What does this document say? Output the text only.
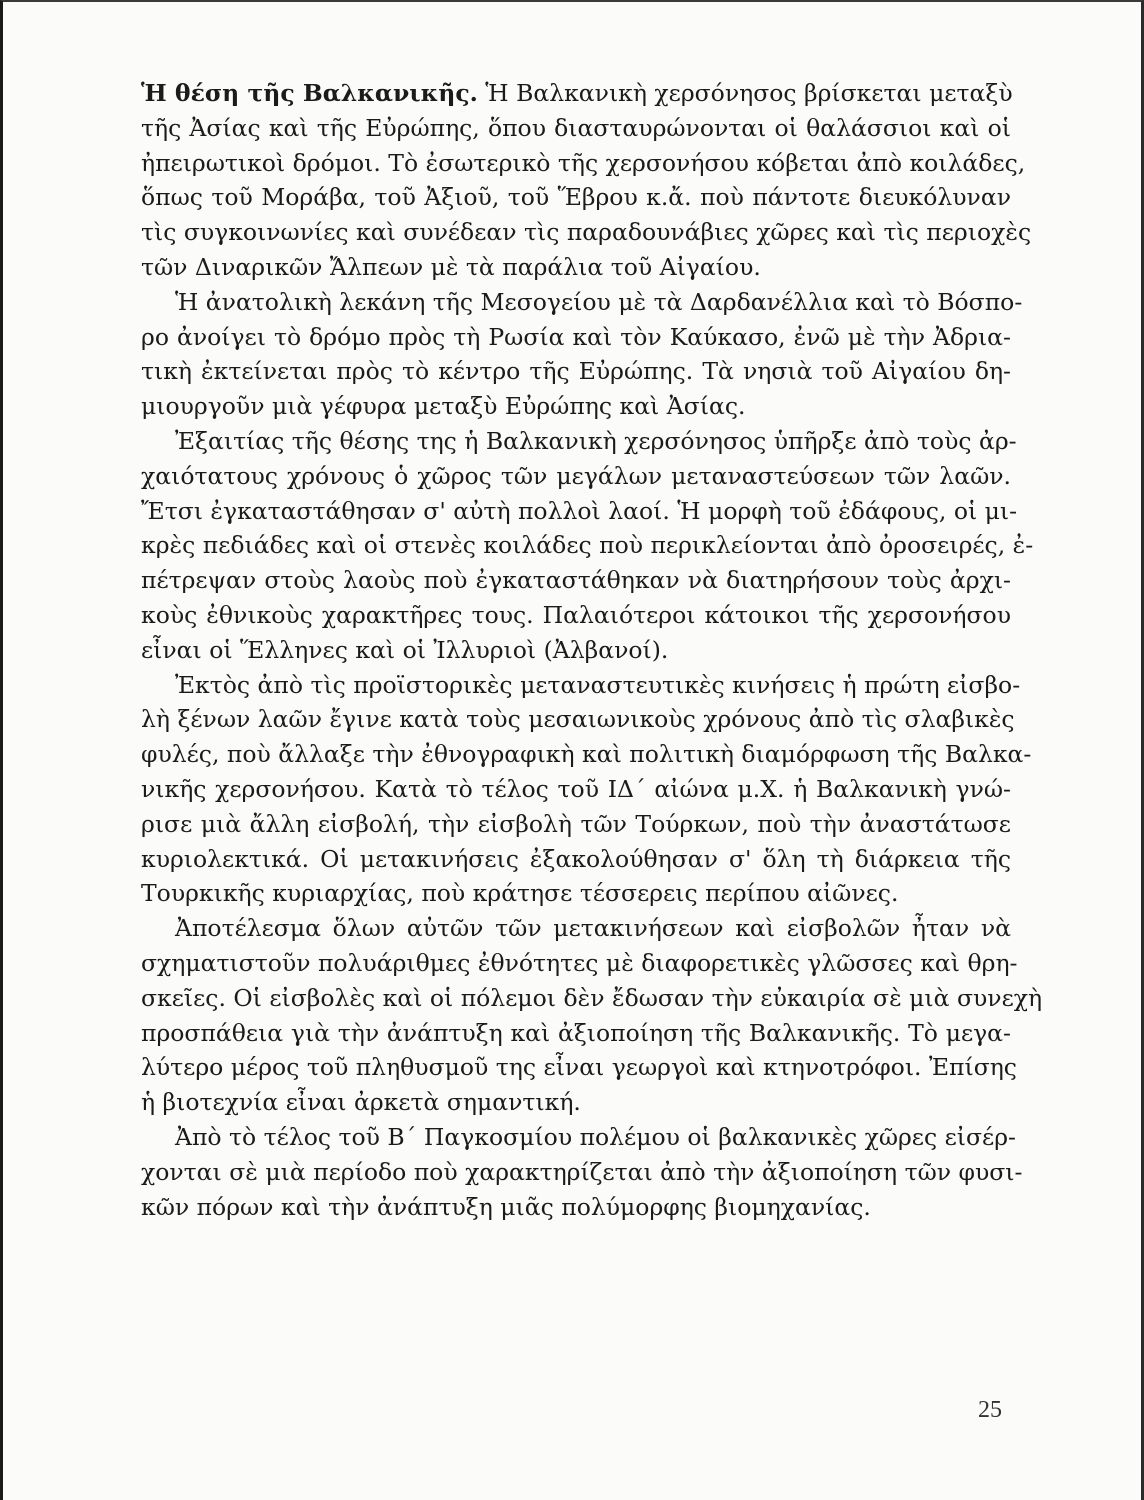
Ἡ θέση τῆς Βαλκανικῆς. Ἡ Βαλκανικὴ χερσόνησος βρίσκεται μεταξὺ
τῆς Ἀσίας καὶ τῆς Εὐρώπης, ὅπου διασταυρώνονται οἱ θαλάσσιοι καὶ οἱ
ἠπειρωτικοὶ δρόμοι. Τὸ ἐσωτερικὸ τῆς χερσονήσου κόβεται ἀπὸ κοιλάδες,
ὅπως τοῦ Μοράβα, τοῦ Ἀξιοῦ, τοῦ Ἕβρου κ.ἄ. ποὺ πάντοτε διευκόλυναν
τὶς συγκοινωνίες καὶ συνέδεαν τὶς παραδουνάβιες χῶρες καὶ τὶς περιοχὲς
τῶν Διναρικῶν Ἄλπεων μὲ τὰ παράλια τοῦ Αἰγαίου.
Ἡ ἀνατολικὴ λεκάνη τῆς Μεσογείου μὲ τὰ Δαρδανέλλια καὶ τὸ Βόσπο-
ρο ἀνοίγει τὸ δρόμο πρὸς τὴ Ρωσία καὶ τὸν Καύκασο, ἐνῶ μὲ τὴν Ἀδρια-
τικὴ ἐκτείνεται πρὸς τὸ κέντρο τῆς Εὐρώπης. Τὰ νησιὰ τοῦ Αἰγαίου δη-
μιουργοῦν μιὰ γέφυρα μεταξὺ Εὐρώπης καὶ Ἀσίας.
Ἐξαιτίας τῆς θέσης της ἡ Βαλκανικὴ χερσόνησος ὑπῆρξε ἀπὸ τοὺς ἀρ-
χαιότατους χρόνους ὁ χῶρος τῶν μεγάλων μεταναστεύσεων τῶν λαῶν.
Ἔτσι ἐγκαταστάθησαν σ' αὐτὴ πολλοὶ λαοί. Ἡ μορφὴ τοῦ ἐδάφους, οἱ μι-
κρὲς πεδιάδες καὶ οἱ στενὲς κοιλάδες ποὺ περικλείονται ἀπὸ ὀροσειρές, ἐ-
πέτρεψαν στοὺς λαοὺς ποὺ ἐγκαταστάθηκαν νὰ διατηρήσουν τοὺς ἀρχι-
κοὺς ἐθνικοὺς χαρακτῆρες τους. Παλαιότεροι κάτοικοι τῆς χερσονήσου
εἶναι οἱ Ἕλληνες καὶ οἱ Ἰλλυριοὶ (Ἀλβανοί).
Ἐκτὸς ἀπὸ τὶς προϊστορικὲς μεταναστευτικὲς κινήσεις ἡ πρώτη εἰσβο-
λὴ ξένων λαῶν ἔγινε κατὰ τοὺς μεσαιωνικοὺς χρόνους ἀπὸ τὶς σλαβικὲς
φυλές, ποὺ ἄλλαξε τὴν ἐθνογραφικὴ καὶ πολιτικὴ διαμόρφωση τῆς Βαλκα-
νικῆς χερσονήσου. Κατὰ τὸ τέλος τοῦ ΙΔ΄ αἰώνα μ.Χ. ἡ Βαλκανικὴ γνώ-
ρισε μιὰ ἄλλη εἰσβολή, τὴν εἰσβολὴ τῶν Τούρκων, ποὺ τὴν ἀναστάτωσε
κυριολεκτικά. Οἱ μετακινήσεις ἐξακολούθησαν σ' ὅλη τὴ διάρκεια τῆς
Τουρκικῆς κυριαρχίας, ποὺ κράτησε τέσσερεις περίπου αἰῶνες.
Ἀποτέλεσμα ὅλων αὐτῶν τῶν μετακινήσεων καὶ εἰσβολῶν ἦταν νὰ
σχηματιστοῦν πολυάριθμες ἐθνότητες μὲ διαφορετικὲς γλῶσσες καὶ θρη-
σκεῖες. Οἱ εἰσβολὲς καὶ οἱ πόλεμοι δὲν ἔδωσαν τὴν εὐκαιρία σὲ μιὰ συνεχὴ
προσπάθεια γιὰ τὴν ἀνάπτυξη καὶ ἀξιοποίηση τῆς Βαλκανικῆς. Τὸ μεγα-
λύτερο μέρος τοῦ πληθυσμοῦ της εἶναι γεωργοὶ καὶ κτηνοτρόφοι. Ἐπίσης
ἡ βιοτεχνία εἶναι ἀρκετὰ σημαντική.
Ἀπὸ τὸ τέλος τοῦ Β΄ Παγκοσμίου πολέμου οἱ βαλκανικὲς χῶρες εἰσέρ-
χονται σὲ μιὰ περίοδο ποὺ χαρακτηρίζεται ἀπὸ τὴν ἀξιοποίηση τῶν φυσι-
κῶν πόρων καὶ τὴν ἀνάπτυξη μιᾶς πολύμορφης βιομηχανίας.
25
